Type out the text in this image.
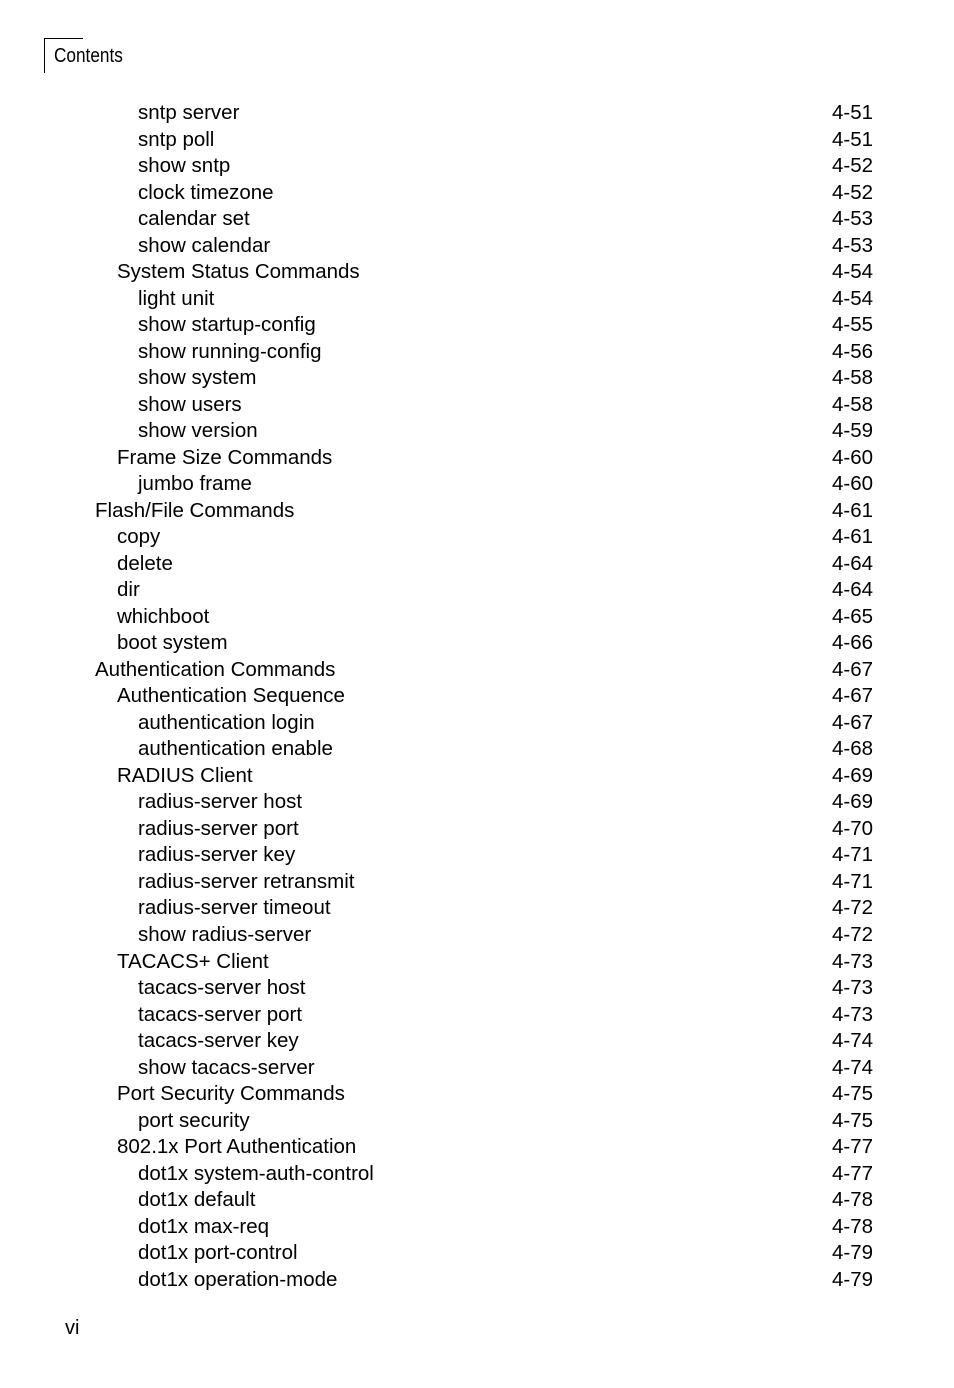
Contents
sntp server	4-51
sntp poll	4-51
show sntp	4-52
clock timezone	4-52
calendar set	4-53
show calendar	4-53
System Status Commands	4-54
light unit	4-54
show startup-config	4-55
show running-config	4-56
show system	4-58
show users	4-58
show version	4-59
Frame Size Commands	4-60
jumbo frame	4-60
Flash/File Commands	4-61
copy	4-61
delete	4-64
dir	4-64
whichboot	4-65
boot system	4-66
Authentication Commands	4-67
Authentication Sequence	4-67
authentication login	4-67
authentication enable	4-68
RADIUS Client	4-69
radius-server host	4-69
radius-server port	4-70
radius-server key	4-71
radius-server retransmit	4-71
radius-server timeout	4-72
show radius-server	4-72
TACACS+ Client	4-73
tacacs-server host	4-73
tacacs-server port	4-73
tacacs-server key	4-74
show tacacs-server	4-74
Port Security Commands	4-75
port security	4-75
802.1x Port Authentication	4-77
dot1x system-auth-control	4-77
dot1x default	4-78
dot1x max-req	4-78
dot1x port-control	4-79
dot1x operation-mode	4-79
vi
